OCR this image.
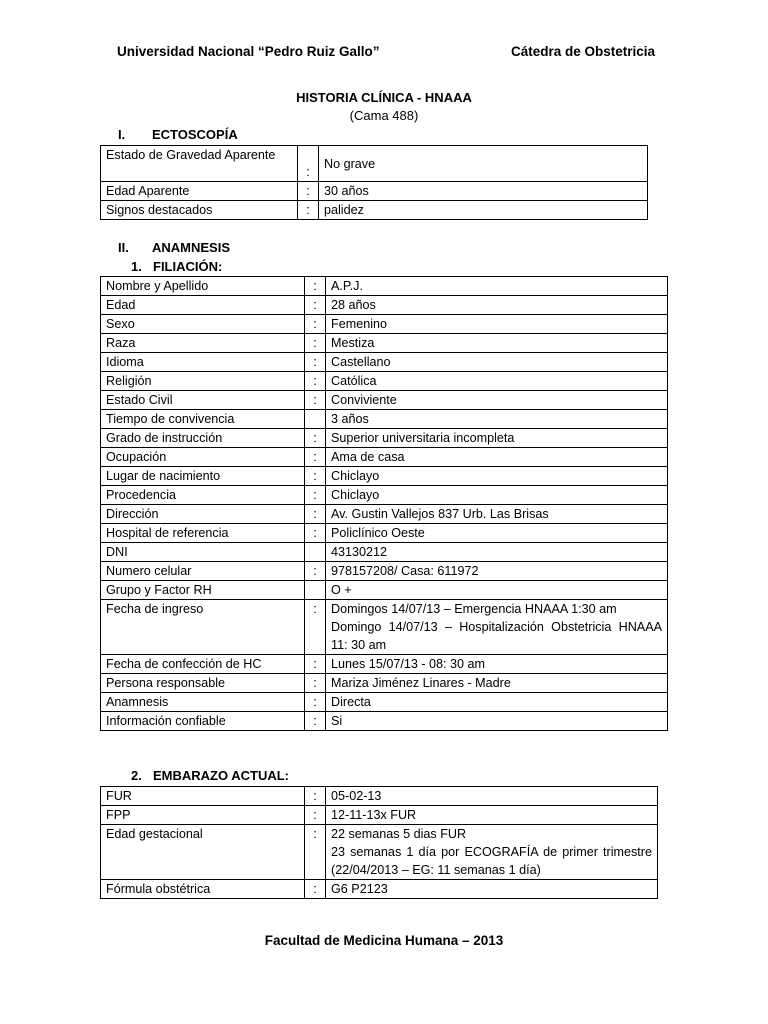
Universidad Nacional “Pedro Ruiz Gallo”	Cátedra de Obstetricia
HISTORIA CLÍNICA - HNAAA
(Cama 488)
I. ECTOSCOPÍA
Estado de Gravedad Aparente	:	No grave
Edad Aparente	:	30 años
Signos destacados	:	palidez
II. ANAMNESIS
1. FILIACIÓN:
Nombre y Apellido	:	A.P.J.
Edad	:	28 años
Sexo	:	Femenino
Raza	:	Mestiza
Idioma	:	Castellano
Religión	:	Católica
Estado Civil	:	Conviviente
Tiempo de convivencia		3 años
Grado de instrucción	:	Superior universitaria incompleta
Ocupación	:	Ama de casa
Lugar de nacimiento	:	Chiclayo
Procedencia	:	Chiclayo
Dirección	:	Av. Gustin Vallejos 837 Urb. Las Brisas
Hospital de referencia	:	Policlínico Oeste
DNI		43130212
Numero celular	:	978157208/ Casa: 611972
Grupo y Factor RH		O +
Fecha de ingreso	:	Domingos 14/07/13 – Emergencia HNAAA 1:30 am
Domingo 14/07/13 – Hospitalización Obstetricia HNAAA 11: 30 am

Fecha de confección de HC	:	Lunes 15/07/13 - 08: 30 am
Persona responsable	:	Mariza Jiménez Linares - Madre
Anamnesis	:	Directa
Información confiable	:	Si
2. EMBARAZO ACTUAL:
FUR	:	05-02-13
FPP	:	12-11-13x FUR
Edad gestacional	:	22 semanas 5 dias FUR
23 semanas 1 día por ECOGRAFÍA de primer trimestre (22/04/2013 – EG: 11 semanas 1 día)

Fórmula obstétrica	:	G6 P2123
Facultad de Medicina Humana – 2013
